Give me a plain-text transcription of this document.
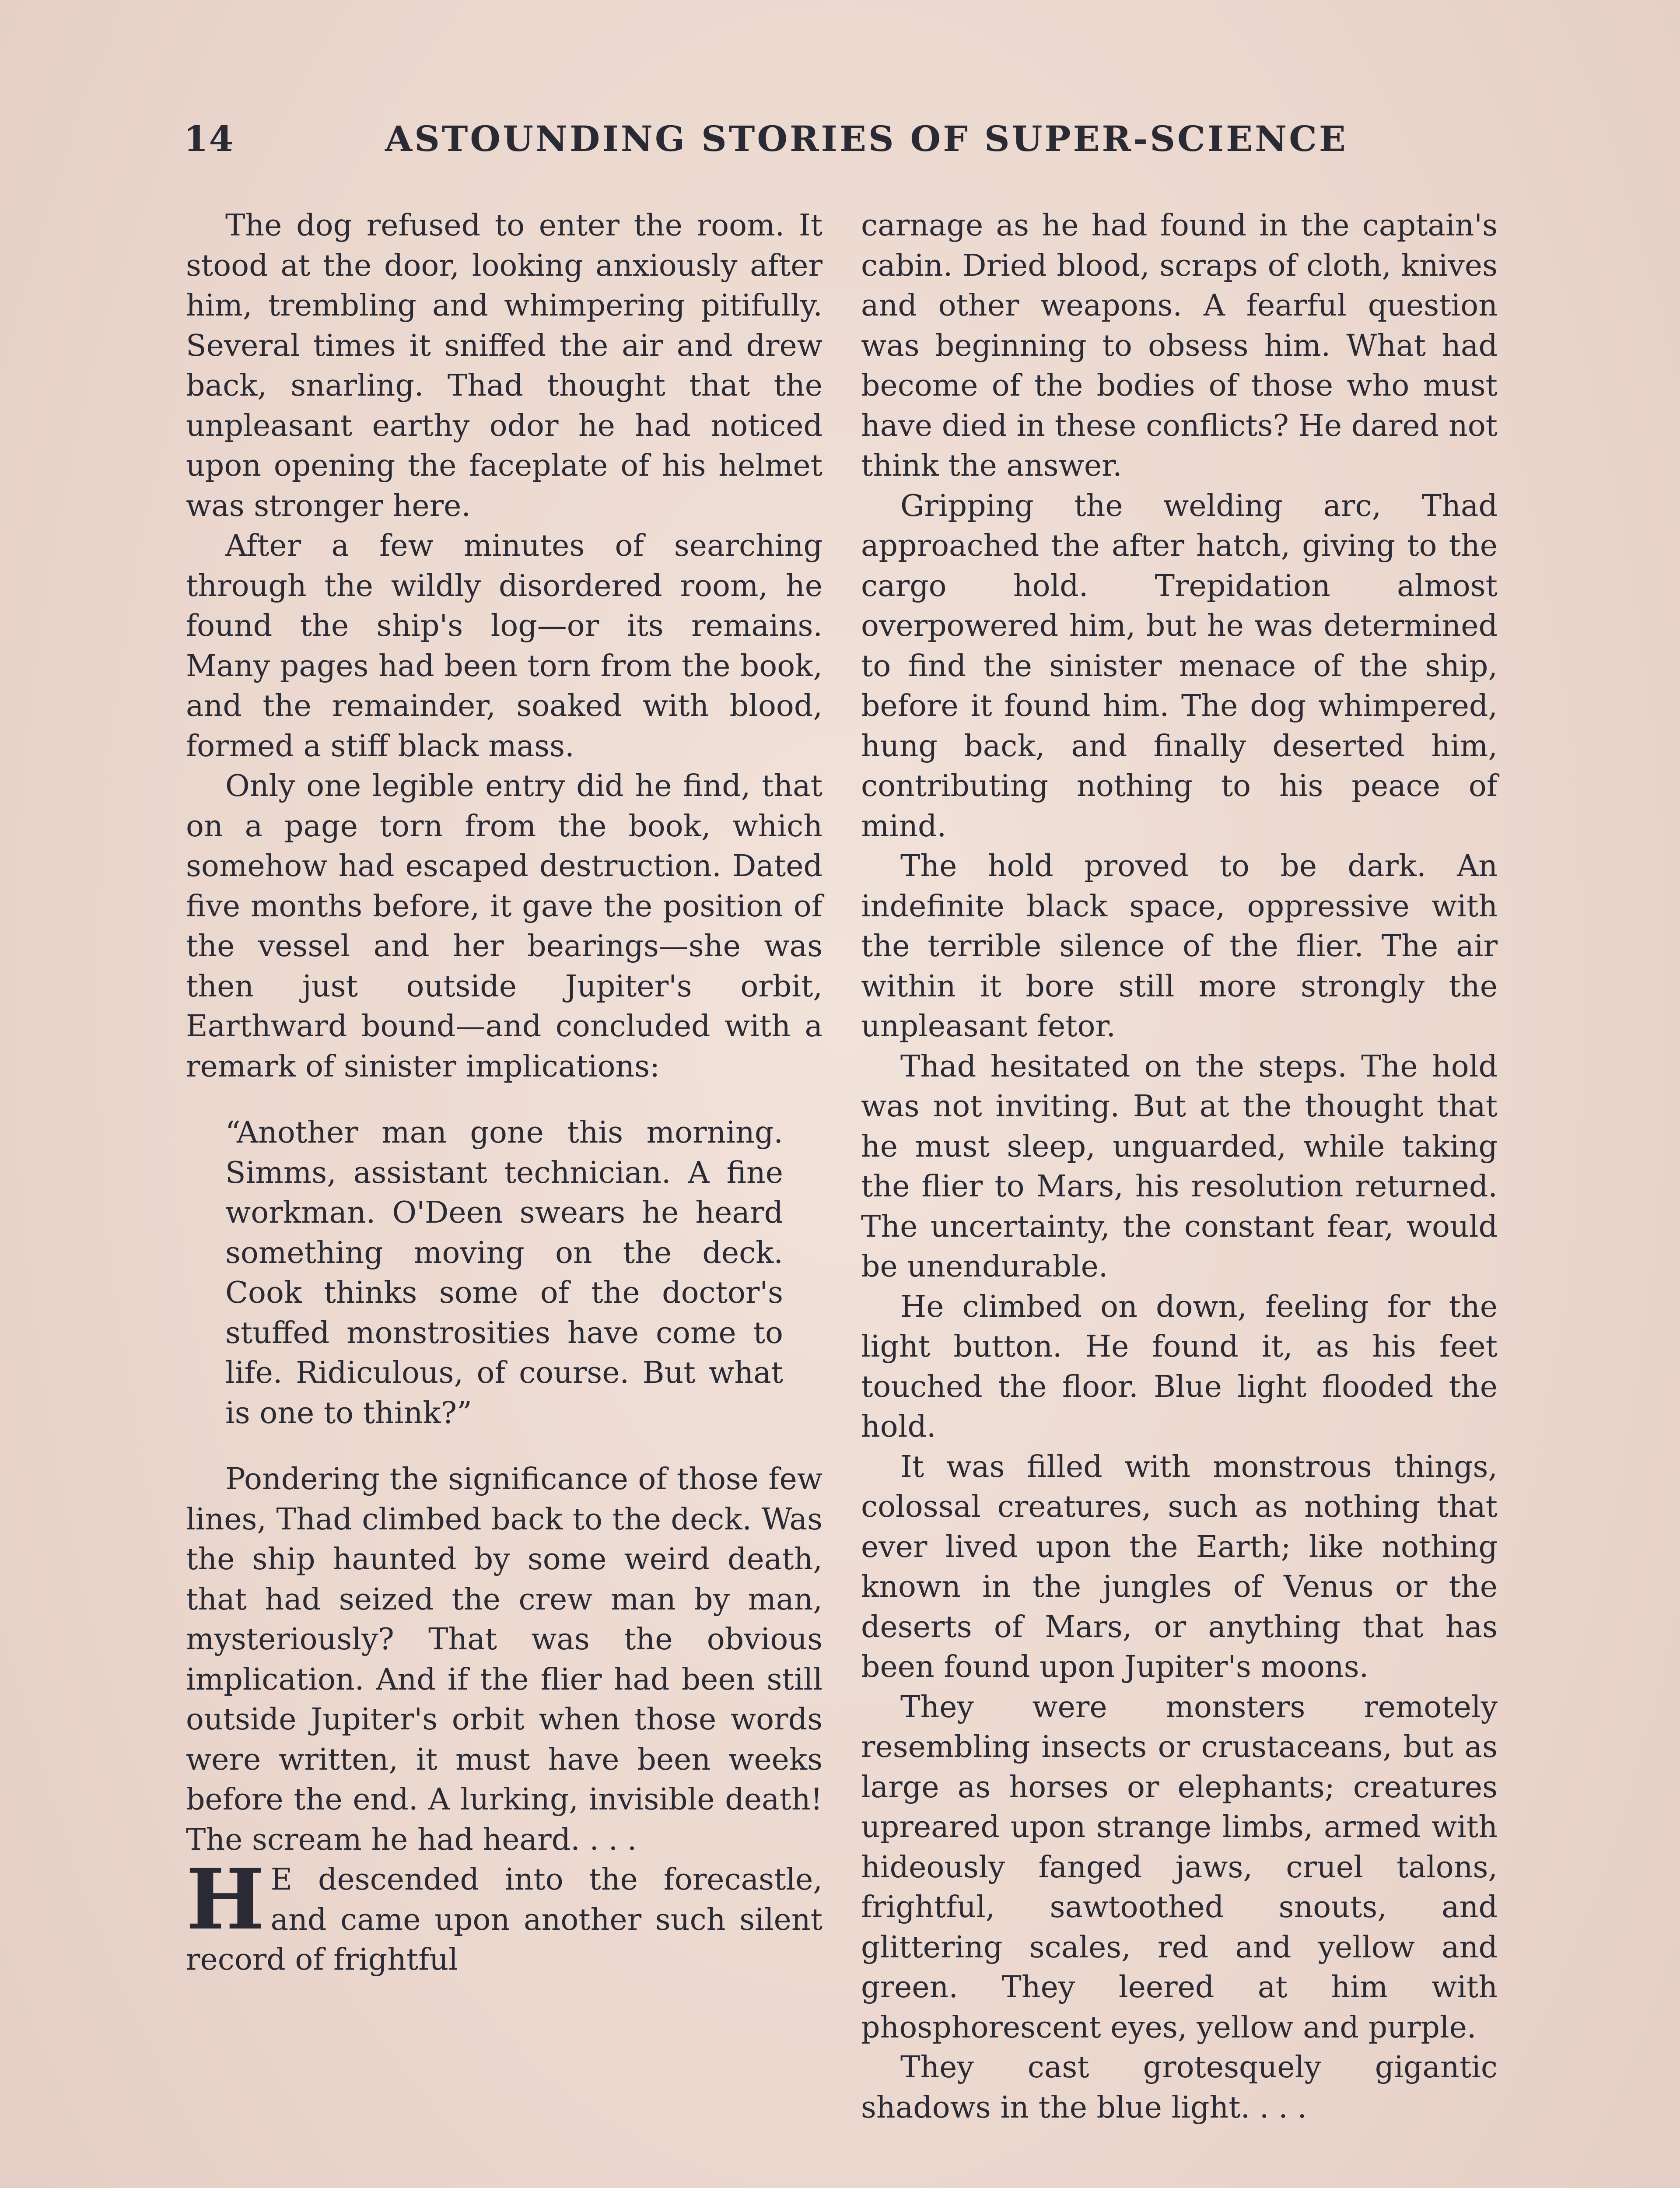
14	ASTOUNDING STORIES OF SUPER-SCIENCE

The dog refused to enter the room. It stood at the door, looking anxiously after him, trembling and whimpering pitifully. Several times it sniffed the air and drew back, snarling. Thad thought that the unpleasant earthy odor he had noticed upon opening the faceplate of his helmet was stronger here.

After a few minutes of searching through the wildly disordered room, he found the ship's log—or its remains. Many pages had been torn from the book, and the remainder, soaked with blood, formed a stiff black mass.

Only one legible entry did he find, that on a page torn from the book, which somehow had escaped destruction. Dated five months before, it gave the position of the vessel and her bearings—she was then just outside Jupiter's orbit, Earthward bound—and concluded with a remark of sinister implications:

“Another man gone this morning. Simms, assistant technician. A fine workman. O'Deen swears he heard something moving on the deck. Cook thinks some of the doctor's stuffed monstrosities have come to life. Ridiculous, of course. But what is one to think?”

Pondering the significance of those few lines, Thad climbed back to the deck. Was the ship haunted by some weird death, that had seized the crew man by man, mysteriously? That was the obvious implication. And if the flier had been still outside Jupiter's orbit when those words were written, it must have been weeks before the end. A lurking, invisible death! The scream he had heard. . . .

H E descended into the forecastle, and came upon another such silent record of frightful

carnage as he had found in the captain's cabin. Dried blood, scraps of cloth, knives and other weapons. A fearful question was beginning to obsess him. What had become of the bodies of those who must have died in these conflicts? He dared not think the answer.

Gripping the welding arc, Thad approached the after hatch, giving to the cargo hold. Trepidation almost overpowered him, but he was determined to find the sinister menace of the ship, before it found him. The dog whimpered, hung back, and finally deserted him, contributing nothing to his peace of mind.

The hold proved to be dark. An indefinite black space, oppressive with the terrible silence of the flier. The air within it bore still more strongly the unpleasant fetor.

Thad hesitated on the steps. The hold was not inviting. But at the thought that he must sleep, unguarded, while taking the flier to Mars, his resolution returned. The uncertainty, the constant fear, would be unendurable.

He climbed on down, feeling for the light button. He found it, as his feet touched the floor. Blue light flooded the hold.

It was filled with monstrous things, colossal creatures, such as nothing that ever lived upon the Earth; like nothing known in the jungles of Venus or the deserts of Mars, or anything that has been found upon Jupiter's moons.

They were monsters remotely resembling insects or crustaceans, but as large as horses or elephants; creatures upreared upon strange limbs, armed with hideously fanged jaws, cruel talons, frightful, sawtoothed snouts, and glittering scales, red and yellow and green. They leered at him with phosphorescent eyes, yellow and purple.

They cast grotesquely gigantic shadows in the blue light. . . .
